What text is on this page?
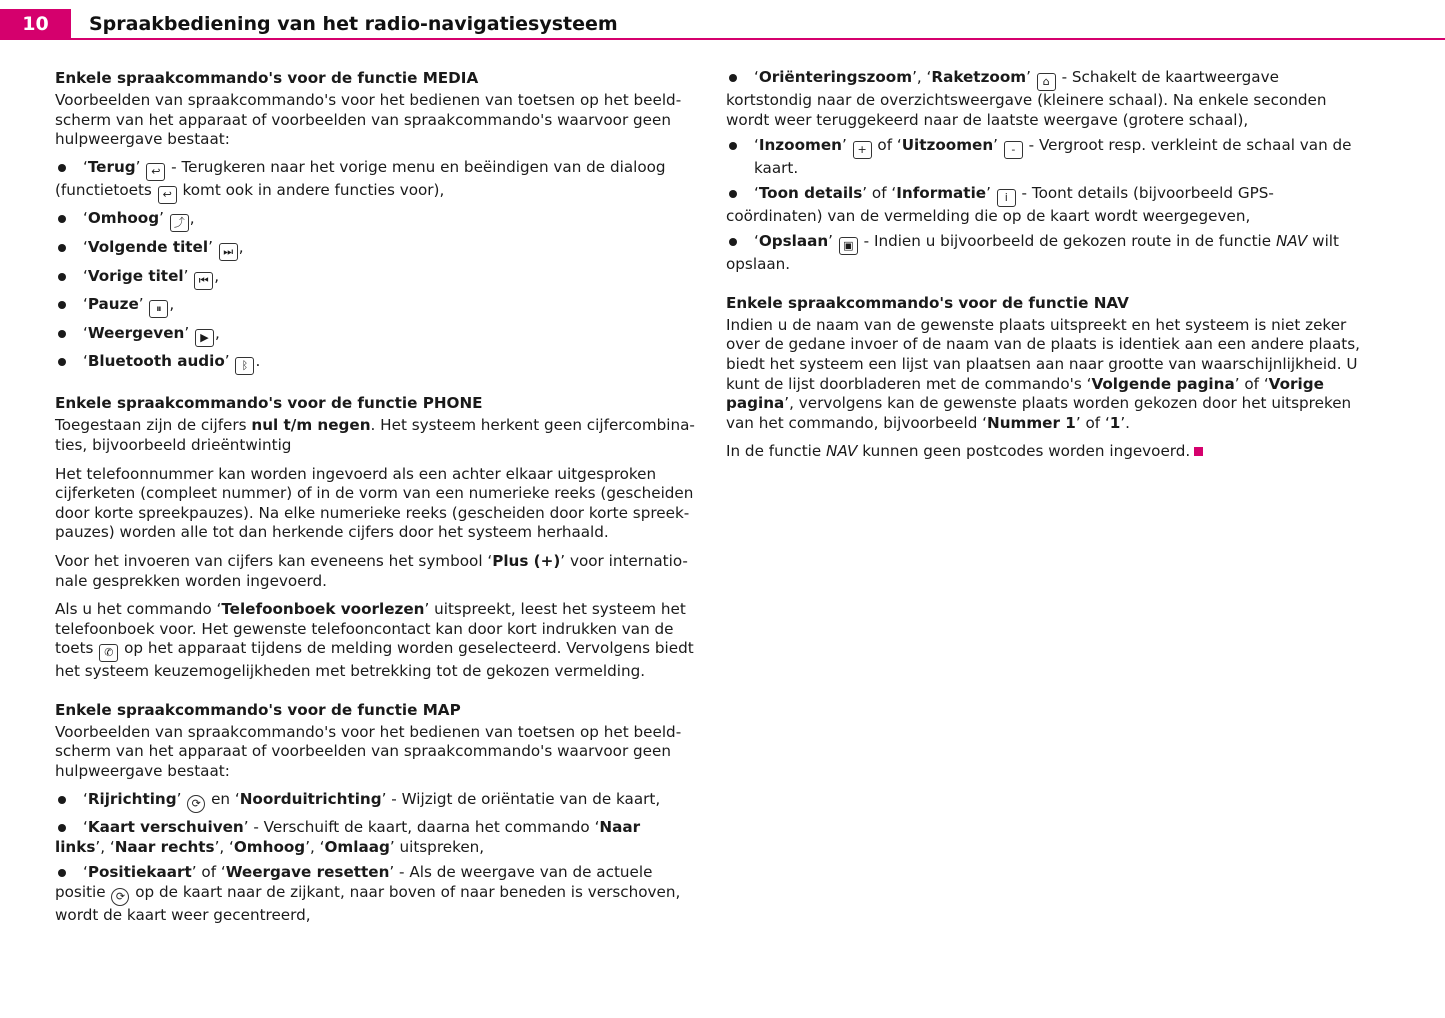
10	Spraakbediening van het radio-navigatiesysteem
Enkele spraakcommando's voor de functie MEDIA

Voorbeelden van spraakcommando's voor het bedienen van toetsen op het beeld-scherm van het apparaat of voorbeelden van spraakcommando's waarvoor geen hulpweergave bestaat:

‘Terug’ ↩ - Terugkeren naar het vorige menu en beëindigen van de dialoog (functietoets ↩ komt ook in andere functies voor),
‘Omhoog’ ⤴ ,
‘Volgende titel’ ⏭ ,
‘Vorige titel’ ⏮ ,
‘Pauze’ ⏸ ,
‘Weergeven’ ▶ ,
‘Bluetooth audio’ ᛒ .
Enkele spraakcommando's voor de functie PHONE

Toegestaan zijn de cijfers nul t/m negen. Het systeem herkent geen cijfercombina-ties, bijvoorbeeld drieëntwintig

Het telefoonnummer kan worden ingevoerd als een achter elkaar uitgesproken cijferketen (compleet nummer) of in de vorm van een numerieke reeks (gescheiden door korte spreekpauzes). Na elke numerieke reeks (gescheiden door korte spreek-pauzes) worden alle tot dan herkende cijfers door het systeem herhaald.

Voor het invoeren van cijfers kan eveneens het symbool ‘Plus (+)’ voor internatio-nale gesprekken worden ingevoerd.

Als u het commando ‘Telefoonboek voorlezen’ uitspreekt, leest het systeem het telefoonboek voor. Het gewenste telefooncontact kan door kort indrukken van de toets ✆ op het apparaat tijdens de melding worden geselecteerd. Vervolgens biedt het systeem keuzemogelijkheden met betrekking tot de gekozen vermelding.

Enkele spraakcommando's voor de functie MAP

Voorbeelden van spraakcommando's voor het bedienen van toetsen op het beeld-scherm van het apparaat of voorbeelden van spraakcommando's waarvoor geen hulpweergave bestaat:

‘Rijrichting’ ⟳ en ‘Noorduitrichting’ - Wijzigt de oriëntatie van de kaart,
‘Kaart verschuiven’ - Verschuift de kaart, daarna het commando ‘Naar links’, ‘Naar rechts’, ‘Omhoog’, ‘Omlaag’ uitspreken,
‘Positiekaart’ of ‘Weergave resetten’ - Als de weergave van de actuele positie ⟳ op de kaart naar de zijkant, naar boven of naar beneden is verschoven, wordt de kaart weer gecentreerd,
‘Oriënteringszoom’, ‘Raketzoom’ ⌂ - Schakelt de kaartweergave kortstondig naar de overzichtsweergave (kleinere schaal). Na enkele seconden wordt weer teruggekeerd naar de laatste weergave (grotere schaal),
‘Inzoomen’ + of ‘Uitzoomen’ - - Vergroot resp. verkleint de schaal van de kaart.
‘Toon details’ of ‘Informatie’ i - Toont details (bijvoorbeeld GPS-coördinaten) van de vermelding die op de kaart wordt weergegeven,
‘Opslaan’ ▣ - Indien u bijvoorbeeld de gekozen route in de functie NAV wilt opslaan.
Enkele spraakcommando's voor de functie NAV

Indien u de naam van de gewenste plaats uitspreekt en het systeem is niet zeker over de gedane invoer of de naam van de plaats is identiek aan een andere plaats, biedt het systeem een lijst van plaatsen aan naar grootte van waarschijnlijkheid. U kunt de lijst doorbladeren met de commando's ‘Volgende pagina’ of ‘Vorige pagina’, vervolgens kan de gewenste plaats worden gekozen door het uitspreken van het commando, bijvoorbeeld ‘Nummer 1’ of ‘1’.

In de functie NAV kunnen geen postcodes worden ingevoerd.
